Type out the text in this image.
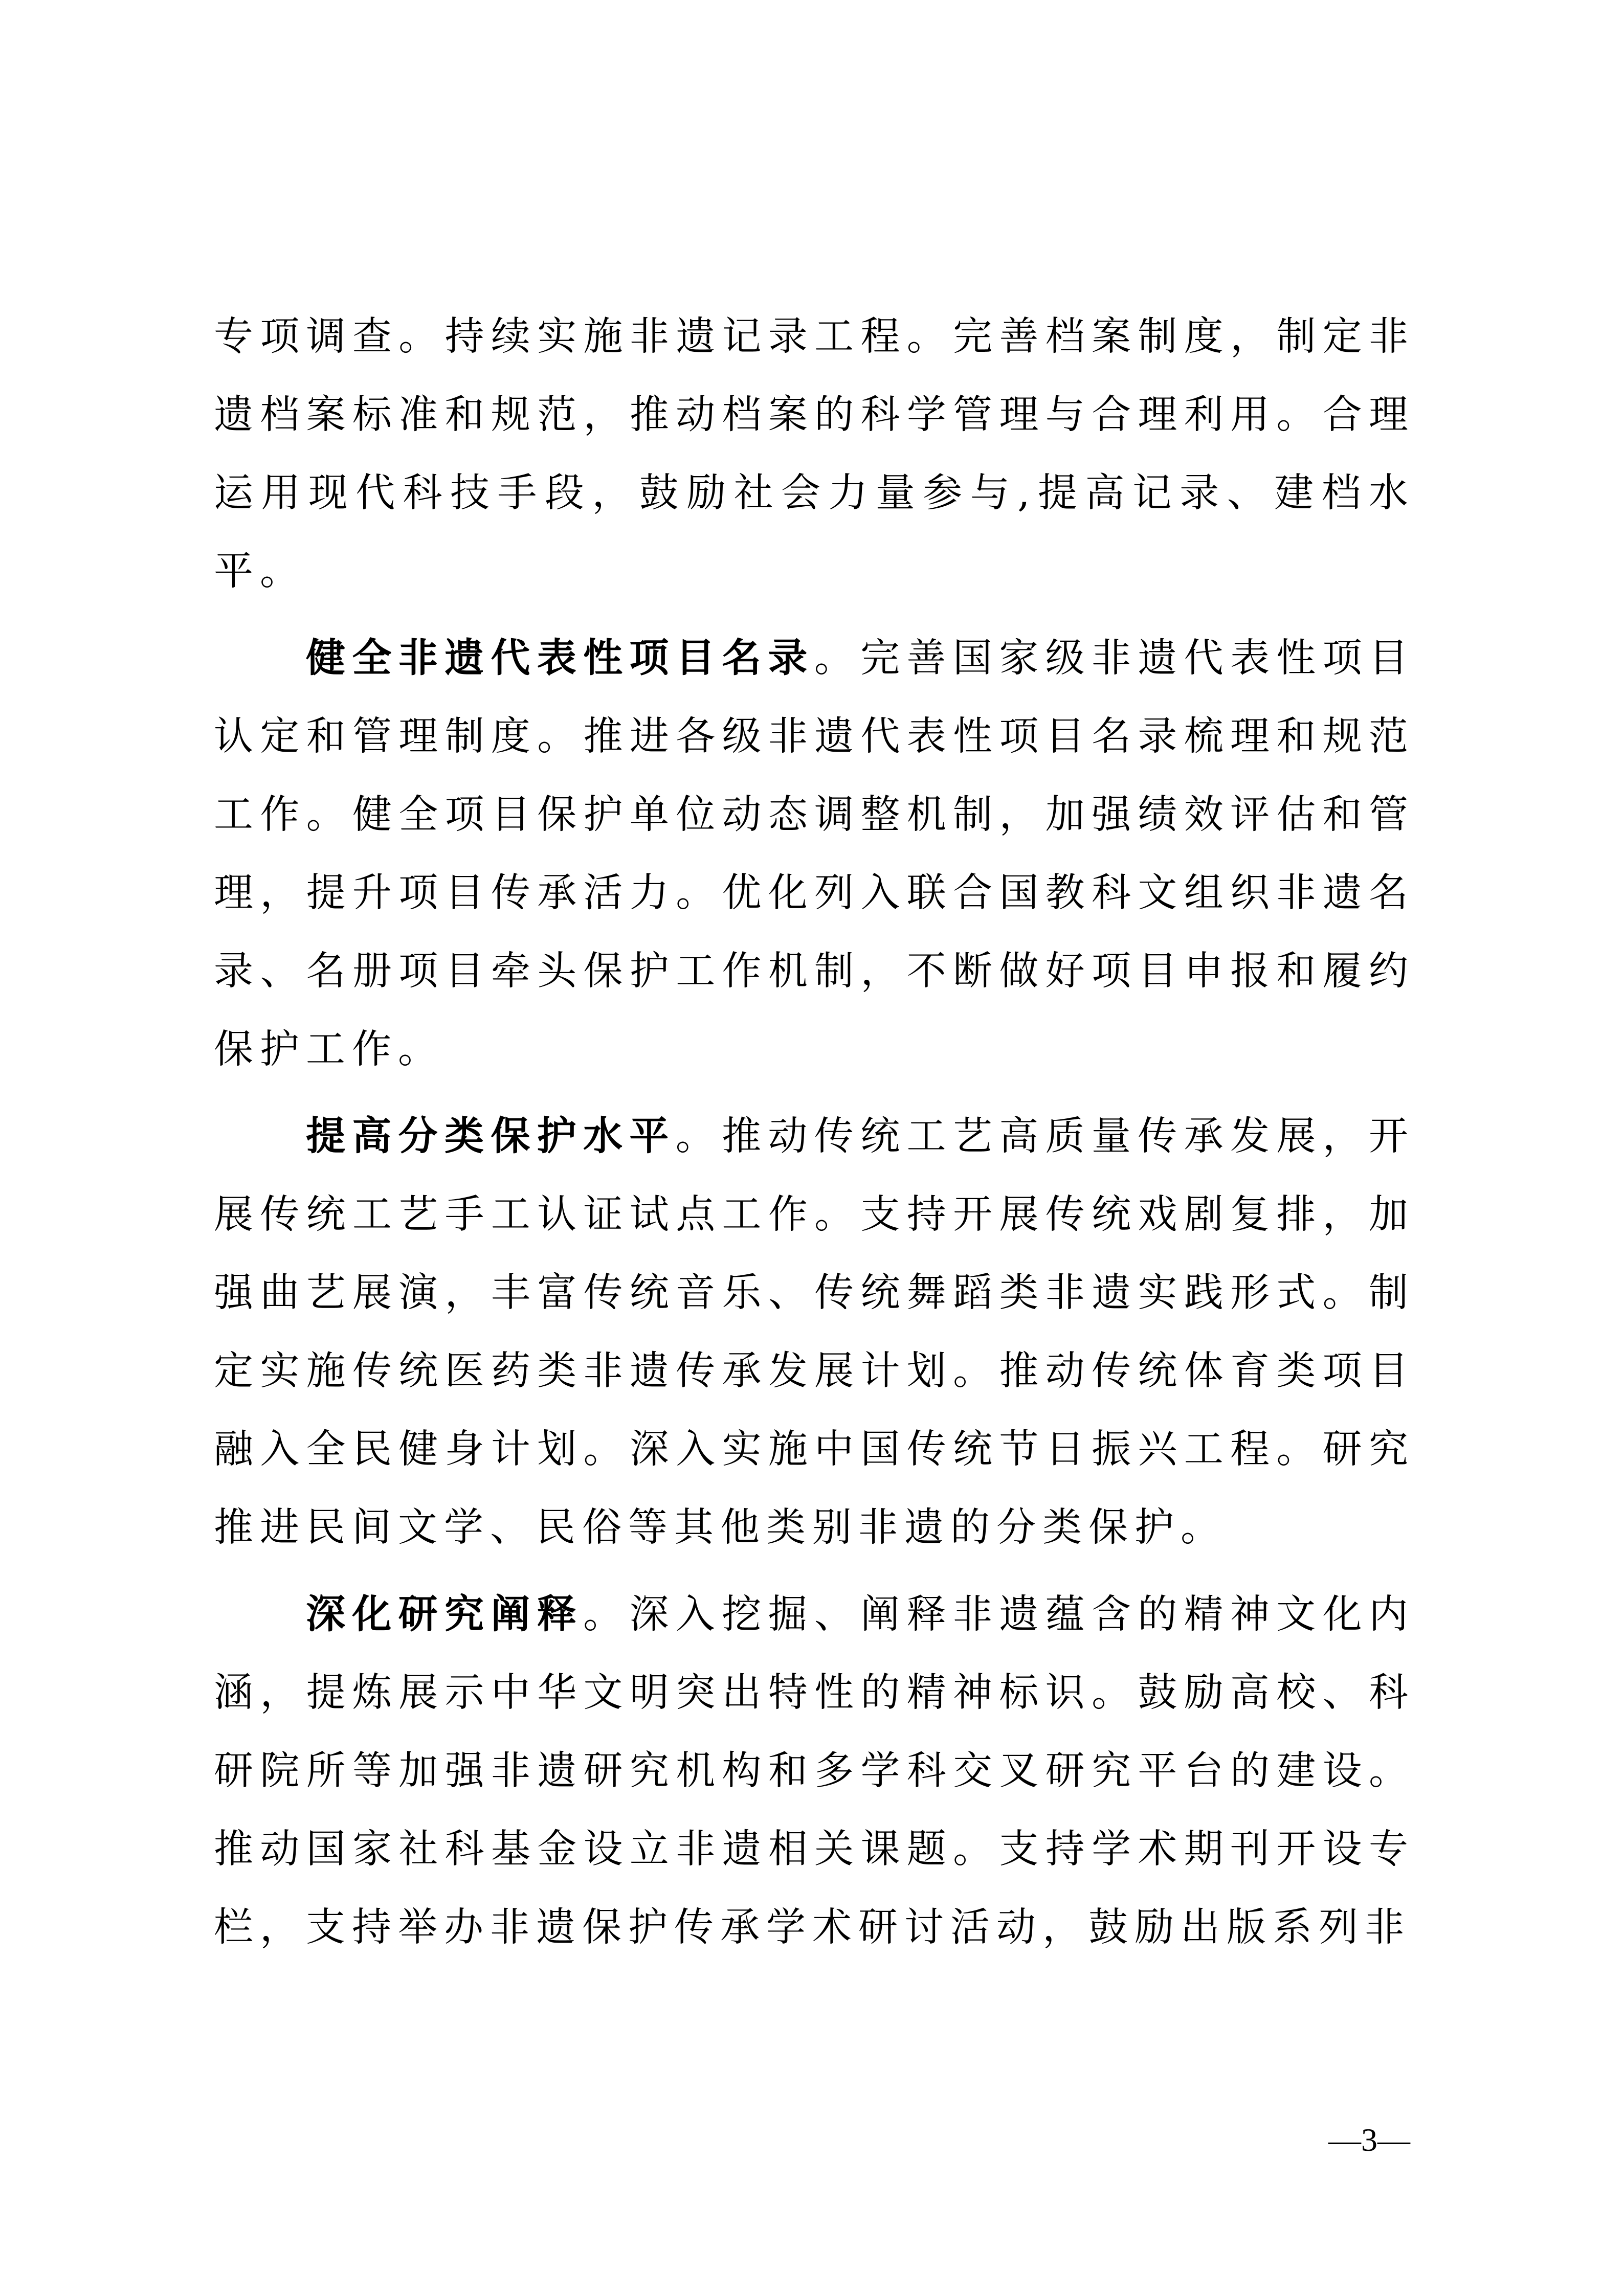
专项调查。持续实施非遗记录工程。完善档案制度，制定非遗档案标准和规范，推动档案的科学管理与合理利用。合理运用现代科技手段，鼓励社会力量参与,提高记录、建档水平。

健全非遗代表性项目名录。完善国家级非遗代表性项目认定和管理制度。推进各级非遗代表性项目名录梳理和规范工作。健全项目保护单位动态调整机制，加强绩效评估和管理，提升项目传承活力。优化列入联合国教科文组织非遗名录、名册项目牵头保护工作机制，不断做好项目申报和履约保护工作。

提高分类保护水平。推动传统工艺高质量传承发展，开展传统工艺手工认证试点工作。支持开展传统戏剧复排，加强曲艺展演，丰富传统音乐、传统舞蹈类非遗实践形式。制定实施传统医药类非遗传承发展计划。推动传统体育类项目融入全民健身计划。深入实施中国传统节日振兴工程。研究推进民间文学、民俗等其他类别非遗的分类保护。

深化研究阐释。深入挖掘、阐释非遗蕴含的精神文化内涵，提炼展示中华文明突出特性的精神标识。鼓励高校、科研院所等加强非遗研究机构和多学科交叉研究平台的建设。推动国家社科基金设立非遗相关课题。支持学术期刊开设专栏，支持举办非遗保护传承学术研讨活动，鼓励出版系列非

—3—
